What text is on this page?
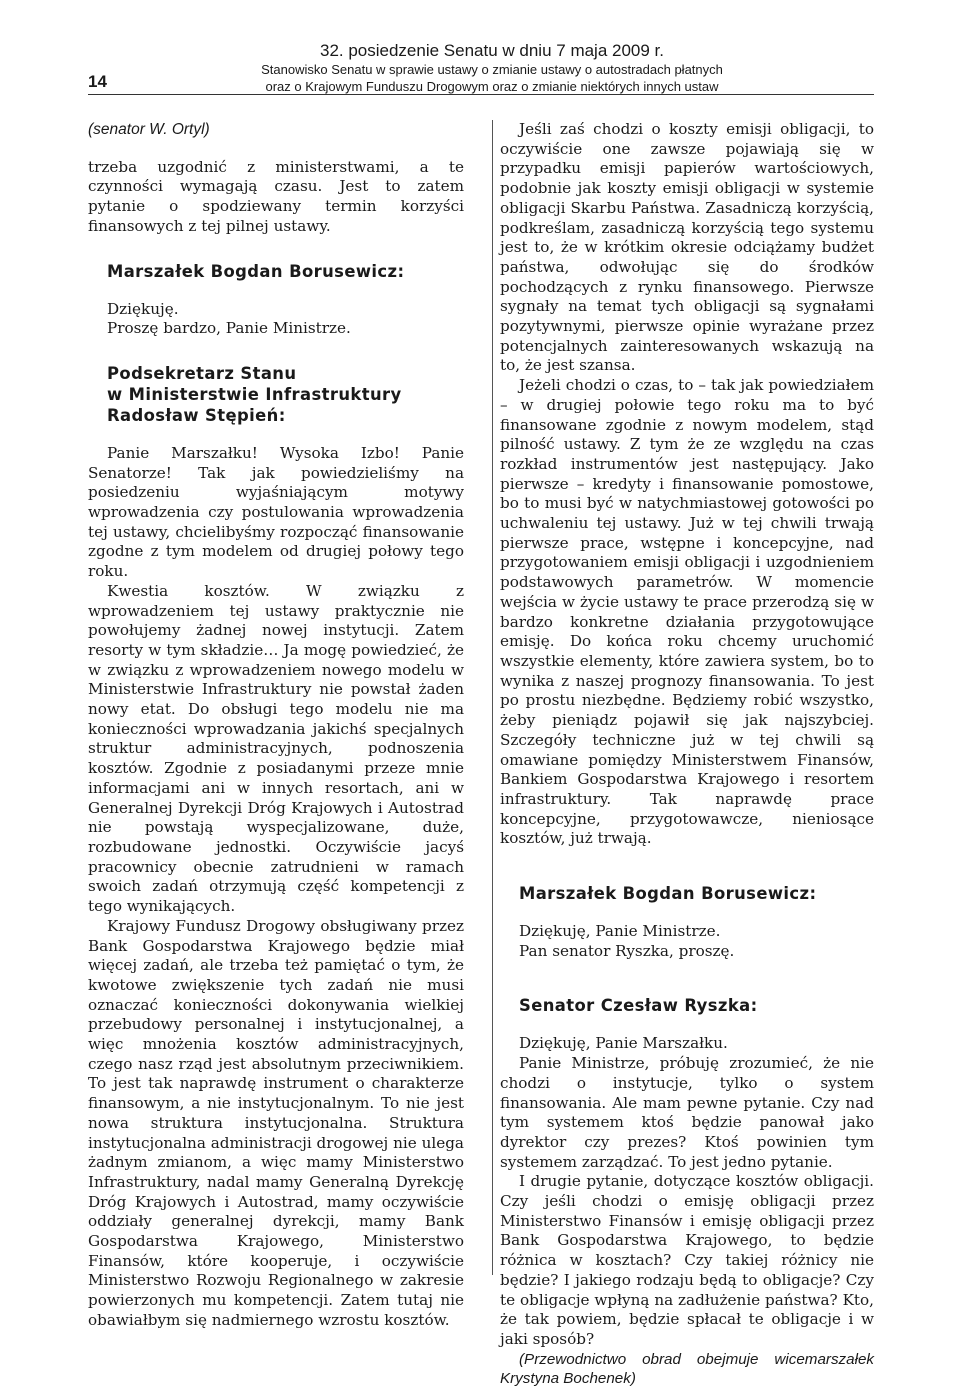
14
32. posiedzenie Senatu w dniu 7 maja 2009 r.
Stanowisko Senatu w sprawie ustawy o zmianie ustawy o autostradach płatnych
oraz o Krajowym Funduszu Drogowym oraz o zmianie niektórych innych ustaw
(senator W. Ortyl)

trzeba uzgodnić z ministerstwami, a te czynności wymagają czasu. Jest to zatem pytanie o spodziewany termin korzyści finansowych z tej pilnej ustawy.

Marszałek Bogdan Borusewicz:
Dziękuję.
Proszę bardzo, Panie Ministrze.
Podsekretarz Stanu
w Ministerstwie Infrastruktury
Radosław Stępień:

Panie Marszałku! Wysoka Izbo! Panie Senatorze! Tak jak powiedzieliśmy na posiedzeniu wyjaśniającym motywy wprowadzenia czy postulowania wprowadzenia tej ustawy, chcielibyśmy rozpocząć finansowanie zgodne z tym modelem od drugiej połowy tego roku.

Kwestia kosztów. W związku z wprowadzeniem tej ustawy praktycznie nie powołujemy żadnej nowej instytucji. Zatem resorty w tym składzie… Ja mogę powiedzieć, że w związku z wprowadzeniem nowego modelu w Ministerstwie Infrastruktury nie powstał żaden nowy etat. Do obsługi tego modelu nie ma konieczności wprowadzania jakichś specjalnych struktur administracyjnych, podnoszenia kosztów. Zgodnie z posiadanymi przeze mnie informacjami ani w innych resortach, ani w Generalnej Dyrekcji Dróg Krajowych i Autostrad nie powstają wyspecjalizowane, duże, rozbudowane jednostki. Oczywiście jacyś pracownicy obecnie zatrudnieni w ramach swoich zadań otrzymują część kompetencji z tego wynikających.

Krajowy Fundusz Drogowy obsługiwany przez Bank Gospodarstwa Krajowego będzie miał więcej zadań, ale trzeba też pamiętać o tym, że kwotowe zwiększenie tych zadań nie musi oznaczać konieczności dokonywania wielkiej przebudowy personalnej i instytucjonalnej, a więc mnożenia kosztów administracyjnych, czego nasz rząd jest absolutnym przeciwnikiem. To jest tak naprawdę instrument o charakterze finansowym, a nie instytucjonalnym. To nie jest nowa struktura instytucjonalna. Struktura instytucjonalna administracji drogowej nie ulega żadnym zmianom, a więc mamy Ministerstwo Infrastruktury, nadal mamy Generalną Dyrekcję Dróg Krajowych i Autostrad, mamy oczywiście oddziały generalnej dyrekcji, mamy Bank Gospodarstwa Krajowego, Ministerstwo Finansów, które kooperuje, i oczywiście Ministerstwo Rozwoju Regionalnego w zakresie powierzonych mu kompetencji. Zatem tutaj nie obawiałbym się nadmiernego wzrostu kosztów.

Jeśli zaś chodzi o koszty emisji obligacji, to oczywiście one zawsze pojawiają się w przypadku emisji papierów wartościowych, podobnie jak koszty emisji obligacji w systemie obligacji Skarbu Państwa. Zasadniczą korzyścią, podkreślam, zasadniczą korzyścią tego systemu jest to, że w krótkim okresie odciążamy budżet państwa, odwołując się do środków pochodzących z rynku finansowego. Pierwsze sygnały na temat tych obligacji są sygnałami pozytywnymi, pierwsze opinie wyrażane przez potencjalnych zainteresowanych wskazują na to, że jest szansa.

Jeżeli chodzi o czas, to – tak jak powiedziałem – w drugiej połowie tego roku ma to być finansowane zgodnie z nowym modelem, stąd pilność ustawy. Z tym że ze względu na czas rozkład instrumentów jest następujący. Jako pierwsze – kredyty i finansowanie pomostowe, bo to musi być w natychmiastowej gotowości po uchwaleniu tej ustawy. Już w tej chwili trwają pierwsze prace, wstępne i koncepcyjne, nad przygotowaniem emisji obligacji i uzgodnieniem podstawowych parametrów. W momencie wejścia w życie ustawy te prace przerodzą się w bardzo konkretne działania przygotowujące emisję. Do końca roku chcemy uruchomić wszystkie elementy, które zawiera system, bo to wynika z naszej prognozy finansowania. To jest po prostu niezbędne. Będziemy robić wszystko, żeby pieniądz pojawił się jak najszybciej. Szczegóły techniczne już w tej chwili są omawiane pomiędzy Ministerstwem Finansów, Bankiem Gospodarstwa Krajowego i resortem infrastruktury. Tak naprawdę prace koncepcyjne, przygotowawcze, nieniosące kosztów, już trwają.

Marszałek Bogdan Borusewicz:
Dziękuję, Panie Ministrze.
Pan senator Ryszka, proszę.
Senator Czesław Ryszka:
Dziękuję, Panie Marszałku.

Panie Ministrze, próbuję zrozumieć, że nie chodzi o instytucje, tylko o system finansowania. Ale mam pewne pytanie. Czy nad tym systemem ktoś będzie panował jako dyrektor czy prezes? Ktoś powinien tym systemem zarządzać. To jest jedno pytanie.

I drugie pytanie, dotyczące kosztów obligacji. Czy jeśli chodzi o emisję obligacji przez Ministerstwo Finansów i emisję obligacji przez Bank Gospodarstwa Krajowego, to będzie różnica w kosztach? Czy takiej różnicy nie będzie? I jakiego rodzaju będą to obligacje? Czy te obligacje wpłyną na zadłużenie państwa? Kto, że tak powiem, będzie spłacał te obligacje i w jaki sposób?

(Przewodnictwo obrad obejmuje wicemarszałek Krystyna Bochenek)
